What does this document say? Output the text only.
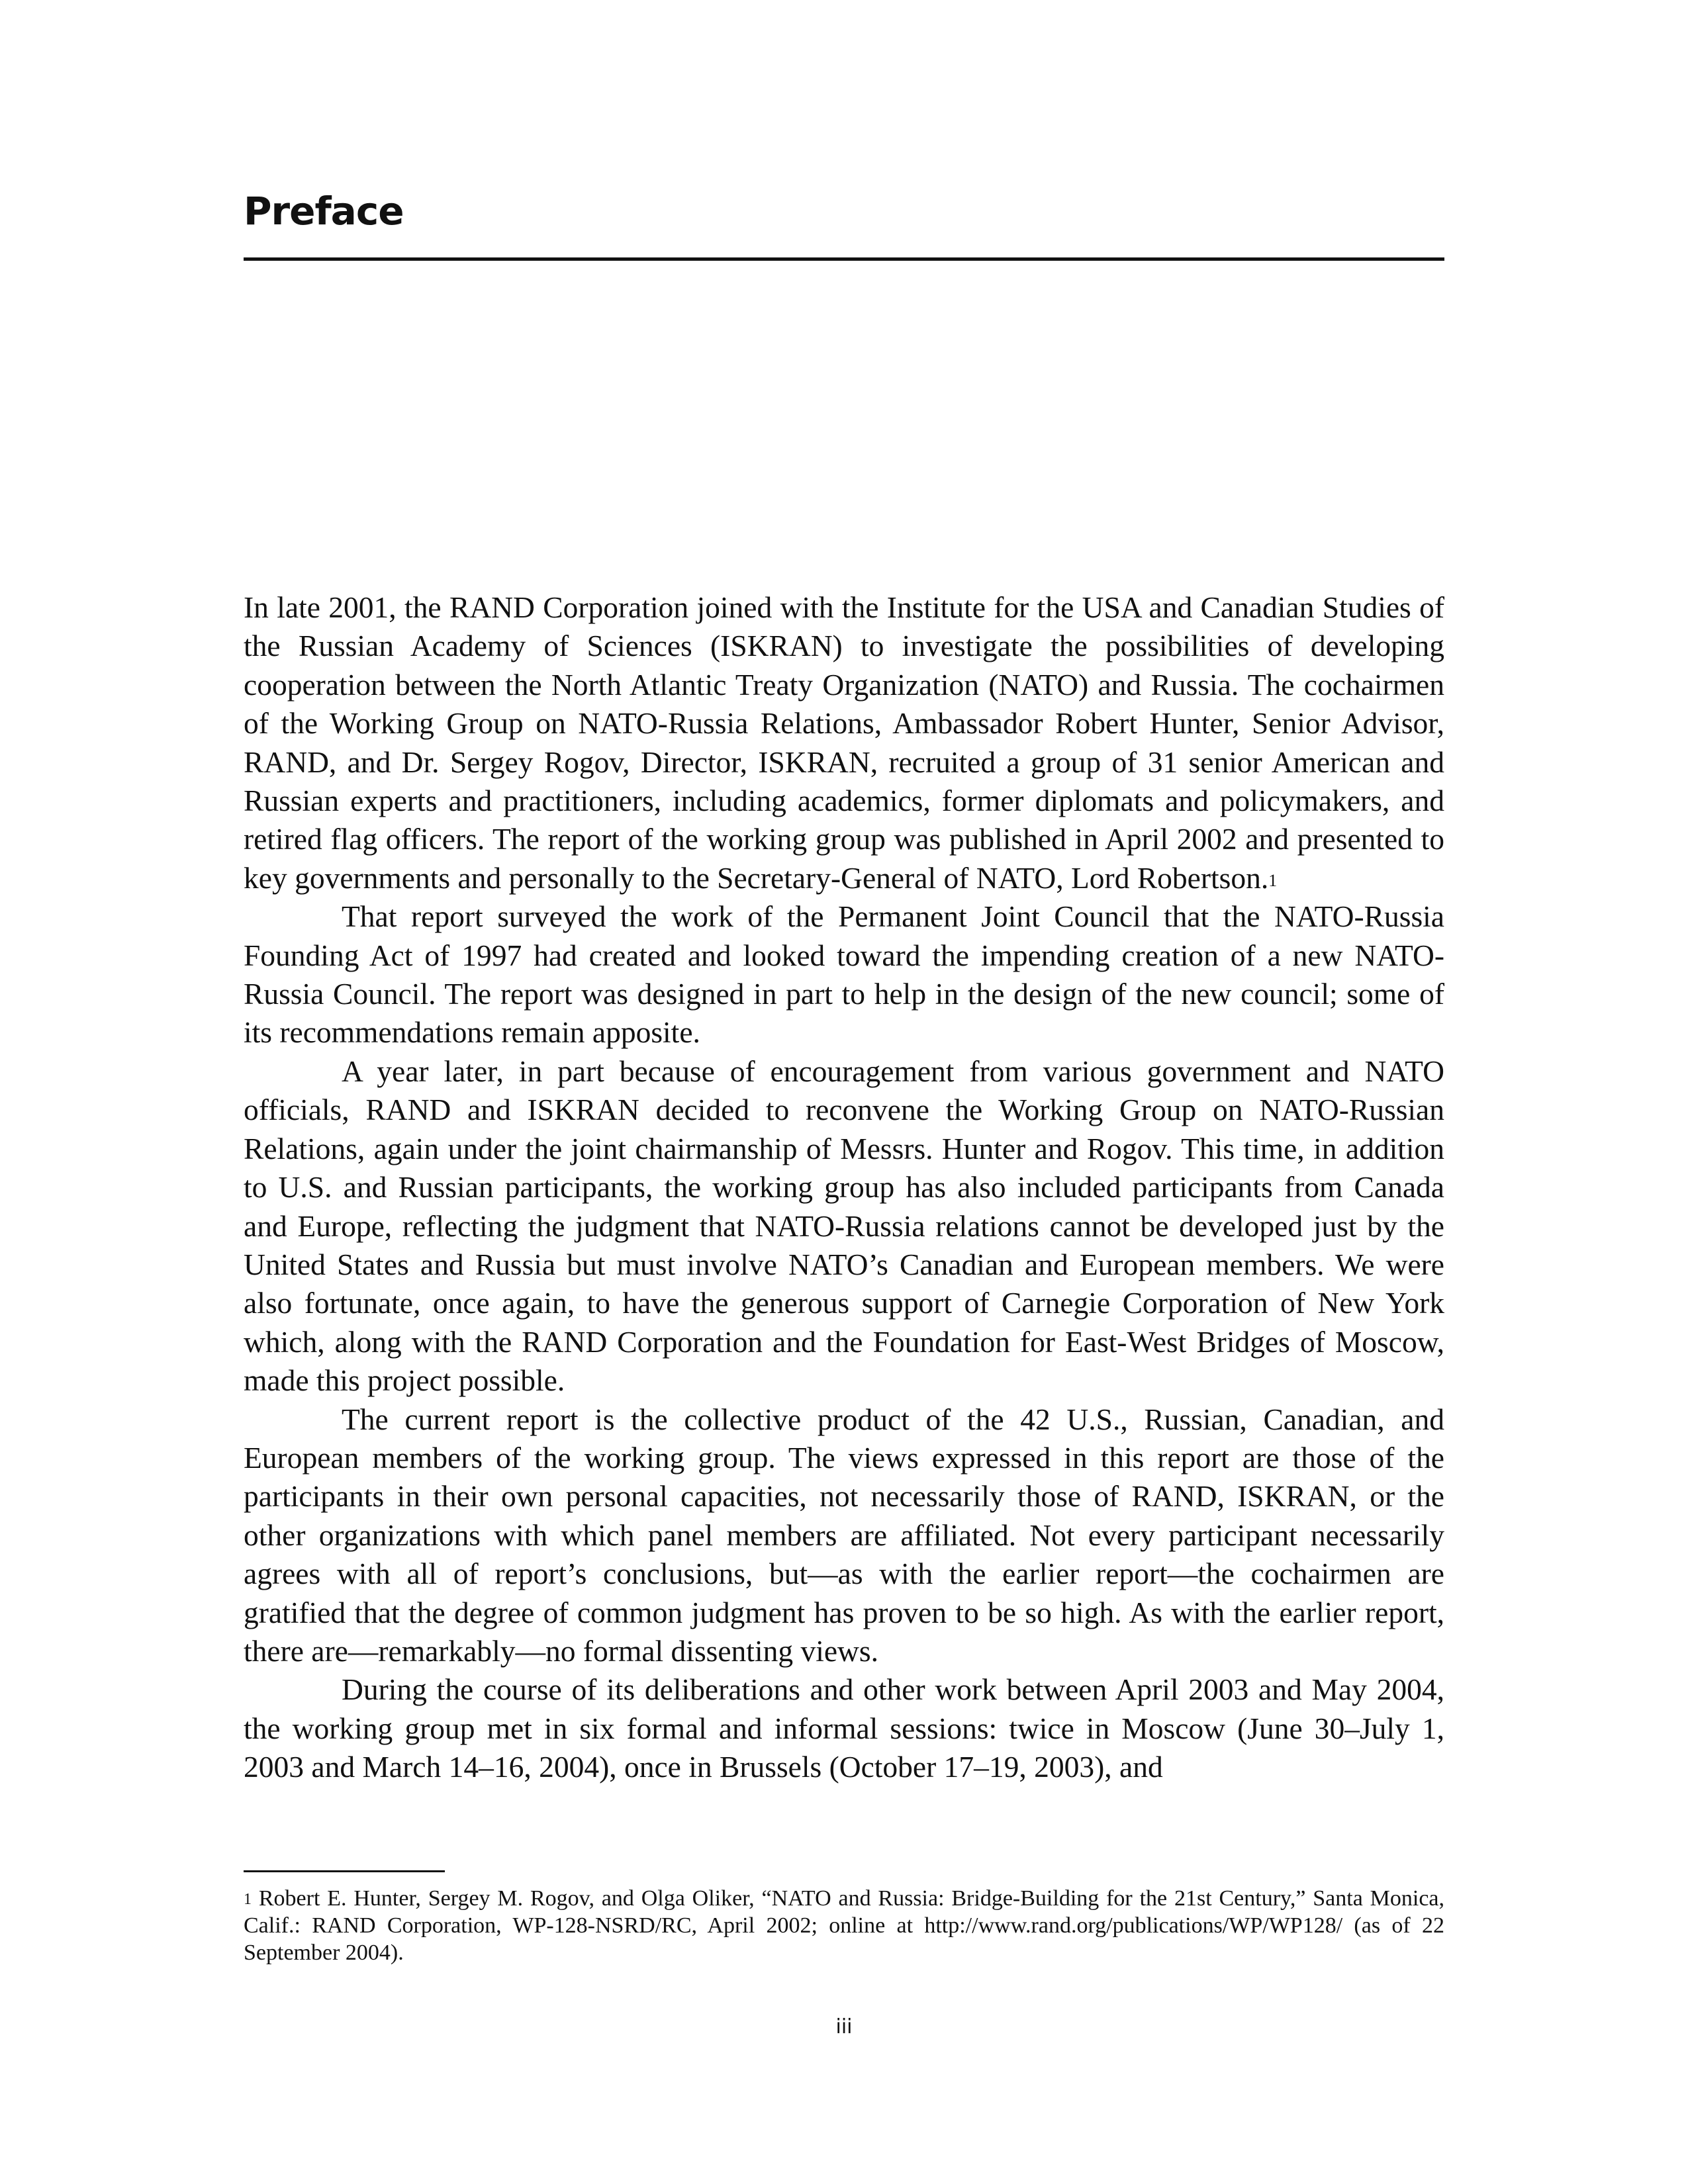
Preface

In late 2001, the RAND Corporation joined with the Institute for the USA and Canadian Studies of the Russian Academy of Sciences (ISKRAN) to investigate the possibilities of developing cooperation between the North Atlantic Treaty Organization (NATO) and Russia. The cochairmen of the Working Group on NATO-Russia Relations, Ambassador Robert Hunter, Senior Advisor, RAND, and Dr. Sergey Rogov, Director, ISKRAN, recruited a group of 31 senior American and Russian experts and practitioners, including academics, former diplomats and policymakers, and retired flag officers. The report of the working group was published in April 2002 and presented to key governments and personally to the Secretary-General of NATO, Lord Robertson.$^1$

That report surveyed the work of the Permanent Joint Council that the NATO-Russia Founding Act of 1997 had created and looked toward the impending creation of a new NATO-Russia Council. The report was designed in part to help in the design of the new council; some of its recommendations remain apposite.

A year later, in part because of encouragement from various government and NATO officials, RAND and ISKRAN decided to reconvene the Working Group on NATO-Russian Relations, again under the joint chairmanship of Messrs. Hunter and Rogov. This time, in addition to U.S. and Russian participants, the working group has also included participants from Canada and Europe, reflecting the judgment that NATO-Russia relations cannot be developed just by the United States and Russia but must involve NATO’s Canadian and European members. We were also fortunate, once again, to have the generous support of Carnegie Corporation of New York which, along with the RAND Corporation and the Foundation for East-West Bridges of Moscow, made this project possible.

The current report is the collective product of the 42 U.S., Russian, Canadian, and European members of the working group. The views expressed in this report are those of the participants in their own personal capacities, not necessarily those of RAND, ISKRAN, or the other organizations with which panel members are affiliated. Not every participant necessarily agrees with all of report’s conclusions, but—as with the earlier report—the cochairmen are gratified that the degree of common judgment has proven to be so high. As with the earlier report, there are—remarkably—no formal dissenting views.

During the course of its deliberations and other work between April 2003 and May 2004, the working group met in six formal and informal sessions: twice in Moscow (June 30–July 1, 2003 and March 14–16, 2004), once in Brussels (October 17–19, 2003), and

$^1$ Robert E. Hunter, Sergey M. Rogov, and Olga Oliker, “NATO and Russia: Bridge-Building for the 21st Century,” Santa Monica, Calif.: RAND Corporation, WP-128-NSRD/RC, April 2002; online at http://www.rand.org/publications/WP/​WP128/ (as of 22 September 2004).

iii
